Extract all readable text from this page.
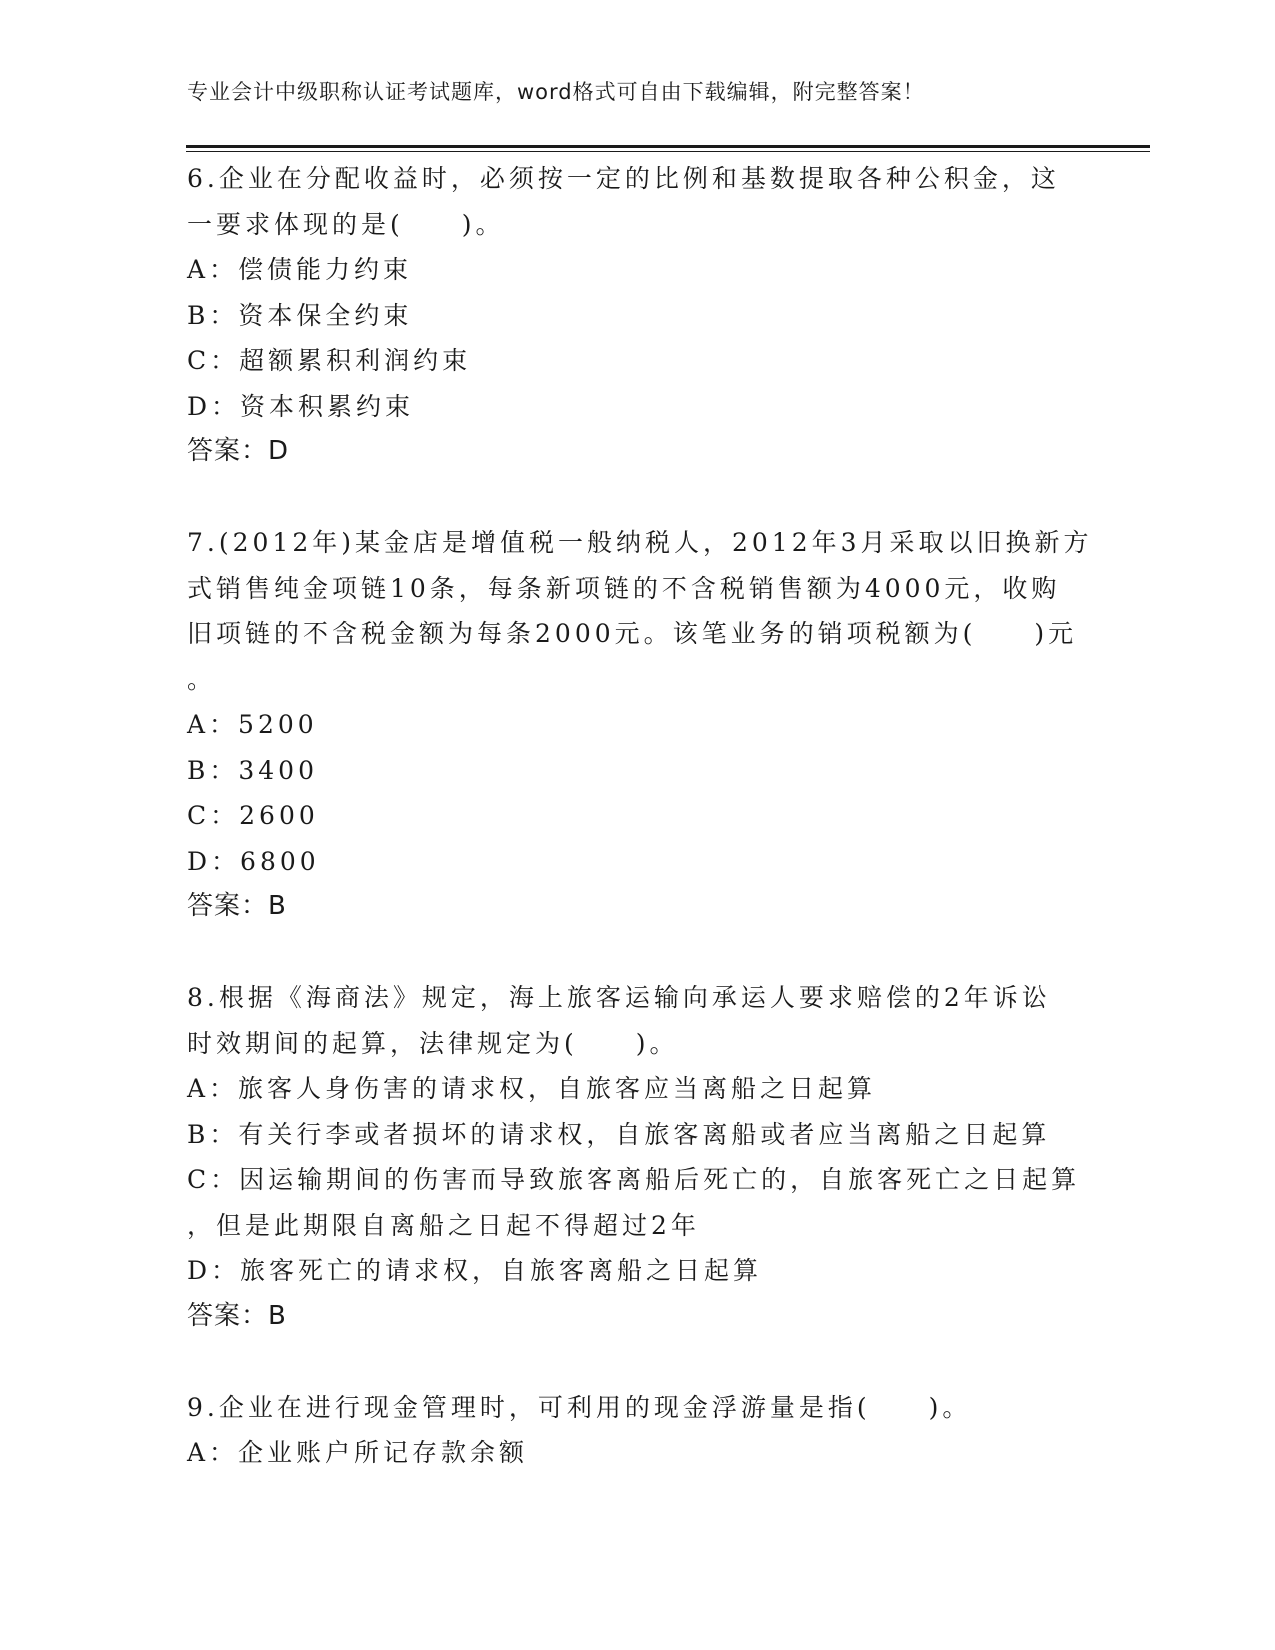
专业会计中级职称认证考试题库，word格式可自由下载编辑，附完整答案！
6.企业在分配收益时，必须按一定的比例和基数提取各种公积金，这
一要求体现的是(　　)。
A：偿债能力约束
B：资本保全约束
C：超额累积利润约束
D：资本积累约束
答案：D
7.(2012年)某金店是增值税一般纳税人，2012年3月采取以旧换新方
式销售纯金项链10条，每条新项链的不含税销售额为4000元，收购
旧项链的不含税金额为每条2000元。该笔业务的销项税额为(　　)元
。
A：5200
B：3400
C：2600
D：6800
答案：B
8.根据《海商法》规定，海上旅客运输向承运人要求赔偿的2年诉讼
时效期间的起算，法律规定为(　　)。
A：旅客人身伤害的请求权，自旅客应当离船之日起算
B：有关行李或者损坏的请求权，自旅客离船或者应当离船之日起算
C：因运输期间的伤害而导致旅客离船后死亡的，自旅客死亡之日起算
，但是此期限自离船之日起不得超过2年
D：旅客死亡的请求权，自旅客离船之日起算
答案：B
9.企业在进行现金管理时，可利用的现金浮游量是指(　　)。
A：企业账户所记存款余额
